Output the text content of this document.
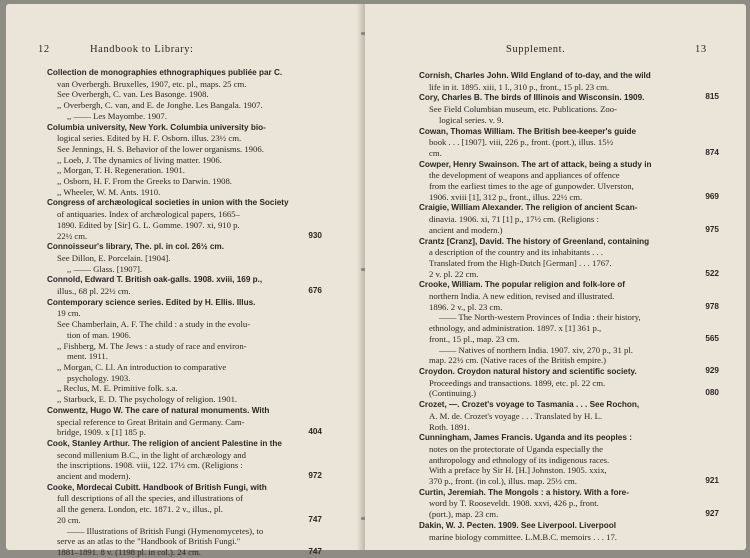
12	Handbook to Library:
Collection de monographies ethnographiques publiée par C.
van Overbergh. Bruxelles, 1907, etc. pl., maps. 25 cm.
See Overbergh, C. van. Les Basonge. 1908.
,, Overbergh, C. van, and E. de Jonghe. Les Bangala. 1907.
,, —— Les Mayombe. 1907.
Columbia university, New York. Columbia university bio-
logical series. Edited by H. F. Osborn. illus. 23½ cm.
See Jennings, H. S. Behavior of the lower organisms. 1906.
,, Loeb, J. The dynamics of living matter. 1906.
,, Morgan, T. H. Regeneration. 1901.
,, Osborn, H. F. From the Greeks to Darwin. 1908.
,, Wheeler, W. M. Ants. 1910.
Congress of archæological societies in union with the Society
of antiquaries. Index of archæological papers, 1665–
1890. Edited by [Sir] G. L. Gomme. 1907. xi, 910 p.
930
22½ cm.
Connoisseur's library, The. pl. in col. 26½ cm.
See Dillon, E. Porcelain. [1904].
,, —— Glass. [1907].
Connold, Edward T. British oak-galls. 1908. xviii, 169 p.,
676
illus., 68 pl. 22½ cm.
Contemporary science series. Edited by H. Ellis. Illus.
19 cm.
See Chamberlain, A. F. The child : a study in the evolu-
tion of man. 1906.
,, Fishberg, M. The Jews : a study of race and environ-
ment. 1911.
,, Morgan, C. Ll. An introduction to comparative
psychology. 1903.
,, Reclus, M. E. Primitive folk. s.a.
,, Starbuck, E. D. The psychology of religion. 1901.
Conwentz, Hugo W. The care of natural monuments. With
special reference to Great Britain and Germany. Cam-
404
bridge, 1909. x [1] 185 p.
Cook, Stanley Arthur. The religion of ancient Palestine in the
second millenium B.C., in the light of archæology and
the inscriptions. 1908. viii, 122. 17½ cm. (Religions :
972
ancient and modern).
Cooke, Mordecai Cubitt. Handbook of British Fungi, with
full descriptions of all the species, and illustrations of
all the genera. London, etc. 1871. 2 v., illus., pl.
747
20 cm.
—— Illustrations of British Fungi (Hymenomycetes), to
serve as an atlas to the "Handbook of British Fungi."
747
1881–1891. 8 v. (1198 pl. in col.). 24 cm.
Supplement.	13
Cornish, Charles John. Wild England of to-day, and the wild
life in it. 1895. xiii, 1 l., 310 p., front., 15 pl. 23 cm.
815
Cory, Charles B. The birds of Illinois and Wisconsin. 1909.
See Field Columbian museum, etc. Publications. Zoo-
logical series. v. 9.
Cowan, Thomas William. The British bee-keeper's guide
book . . . [1907]. viii, 226 p., front. (port.), illus. 15½
874
cm.
Cowper, Henry Swainson. The art of attack, being a study in
the development of weapons and appliances of offence
from the earliest times to the age of gunpowder. Ulverston,
969
1906. xviii [1], 312 p., front., illus. 22½ cm.
Craigie, William Alexander. The religion of ancient Scan-
dinavia. 1906. xi, 71 [1] p., 17½ cm. (Religions :
975
ancient and modern.)
Crantz [Cranz], David. The history of Greenland, containing
a description of the country and its inhabitants . . .
Translated from the High-Dutch [German] . . . 1767.
522
2 v. pl. 22 cm.
Crooke, William. The popular religion and folk-lore of
northern India. A new edition, revised and illustrated.
978
1896. 2 v., pl. 23 cm.
—— The North-western Provinces of India : their history,
ethnology, and administration. 1897. x [1] 361 p.,
565
front., 15 pl., map. 23 cm.
—— Natives of northern India. 1907. xiv, 270 p., 31 pl.
map. 22½ cm. (Native races of the British empire.)
929
Croydon. Croydon natural history and scientific society.
Proceedings and transactions. 1899, etc. pl. 22 cm.
080
(Continuing.)
Crozet, —. Crozet's voyage to Tasmania . . . See Rochon,
A. M. de. Crozet's voyage . . . Translated by H. L.
Roth. 1891.
Cunningham, James Francis. Uganda and its peoples :
notes on the protectorate of Uganda especially the
anthropology and ethnology of its indigenous races.
With a preface by Sir H. [H.] Johnston. 1905. xxix,
921
370 p., front. (in col.), illus. map. 25½ cm.
Curtin, Jeremiah. The Mongols : a history. With a fore-
word by T. Rooseveldt. 1908. xxvi, 426 p., front.
927
(port.), map. 23 cm.
Dakin, W. J. Pecten. 1909. See Liverpool. Liverpool
marine biology committee. L.M.B.C. memoirs . . . 17.
